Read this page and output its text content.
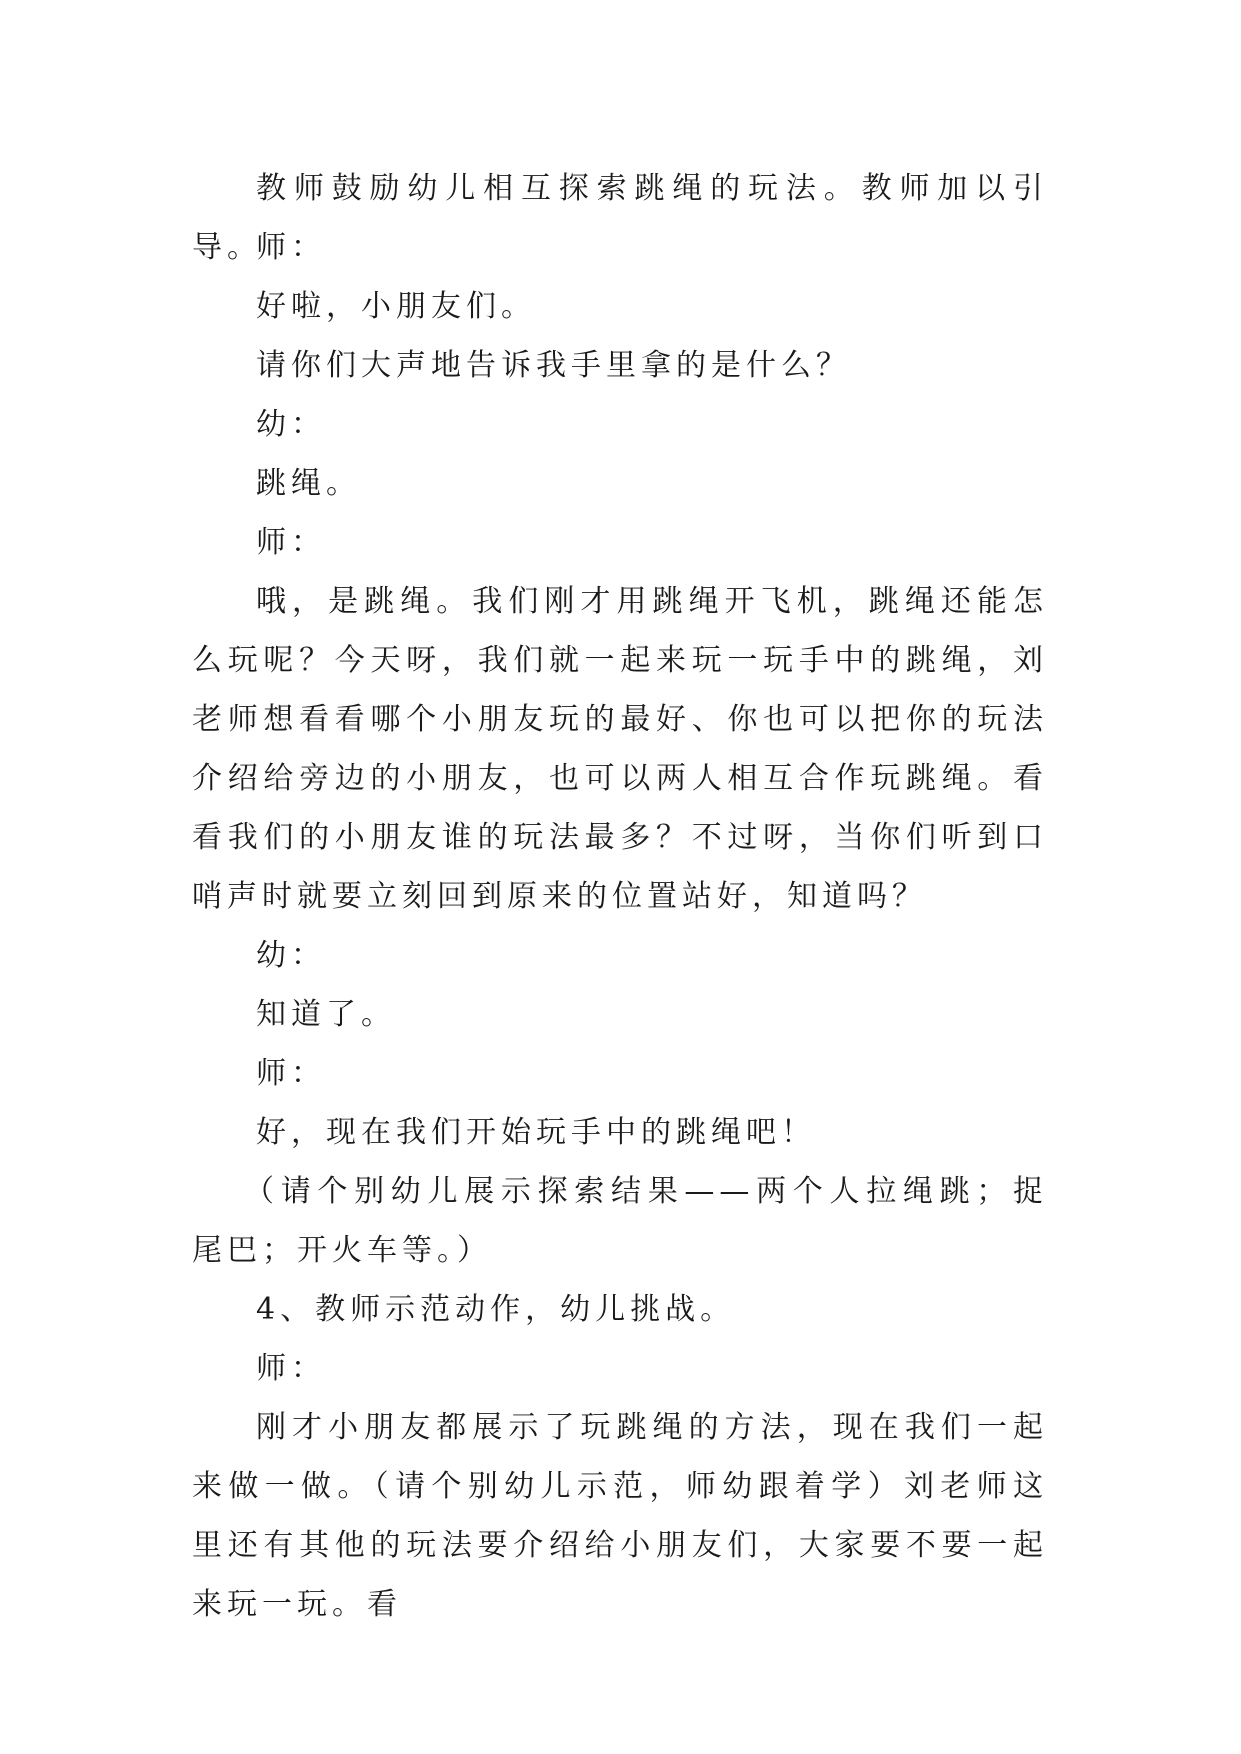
教师鼓励幼儿相互探索跳绳的玩法。教师加以引导。

师：

好啦，小朋友们。

请你们大声地告诉我手里拿的是什么？

幼：

跳绳。

师：

哦，是跳绳。我们刚才用跳绳开飞机，跳绳还能怎么玩呢？今天呀，我们就一起来玩一玩手中的跳绳，刘老师想看看哪个小朋友玩的最好、你也可以把你的玩法介绍给旁边的小朋友，也可以两人相互合作玩跳绳。看看我们的小朋友谁的玩法最多？不过呀，当你们听到口哨声时就要立刻回到原来的位置站好，知道吗？

幼：

知道了。

师：

好，现在我们开始玩手中的跳绳吧！

（请个别幼儿展示探索结果——两个人拉绳跳；捉尾巴；开火车等。）

4、教师示范动作，幼儿挑战。

师：

刚才小朋友都展示了玩跳绳的方法，现在我们一起来做一做。（请个别幼儿示范，师幼跟着学）刘老师这里还有其他的玩法要介绍给小朋友们，大家要不要一起来玩一玩。看
